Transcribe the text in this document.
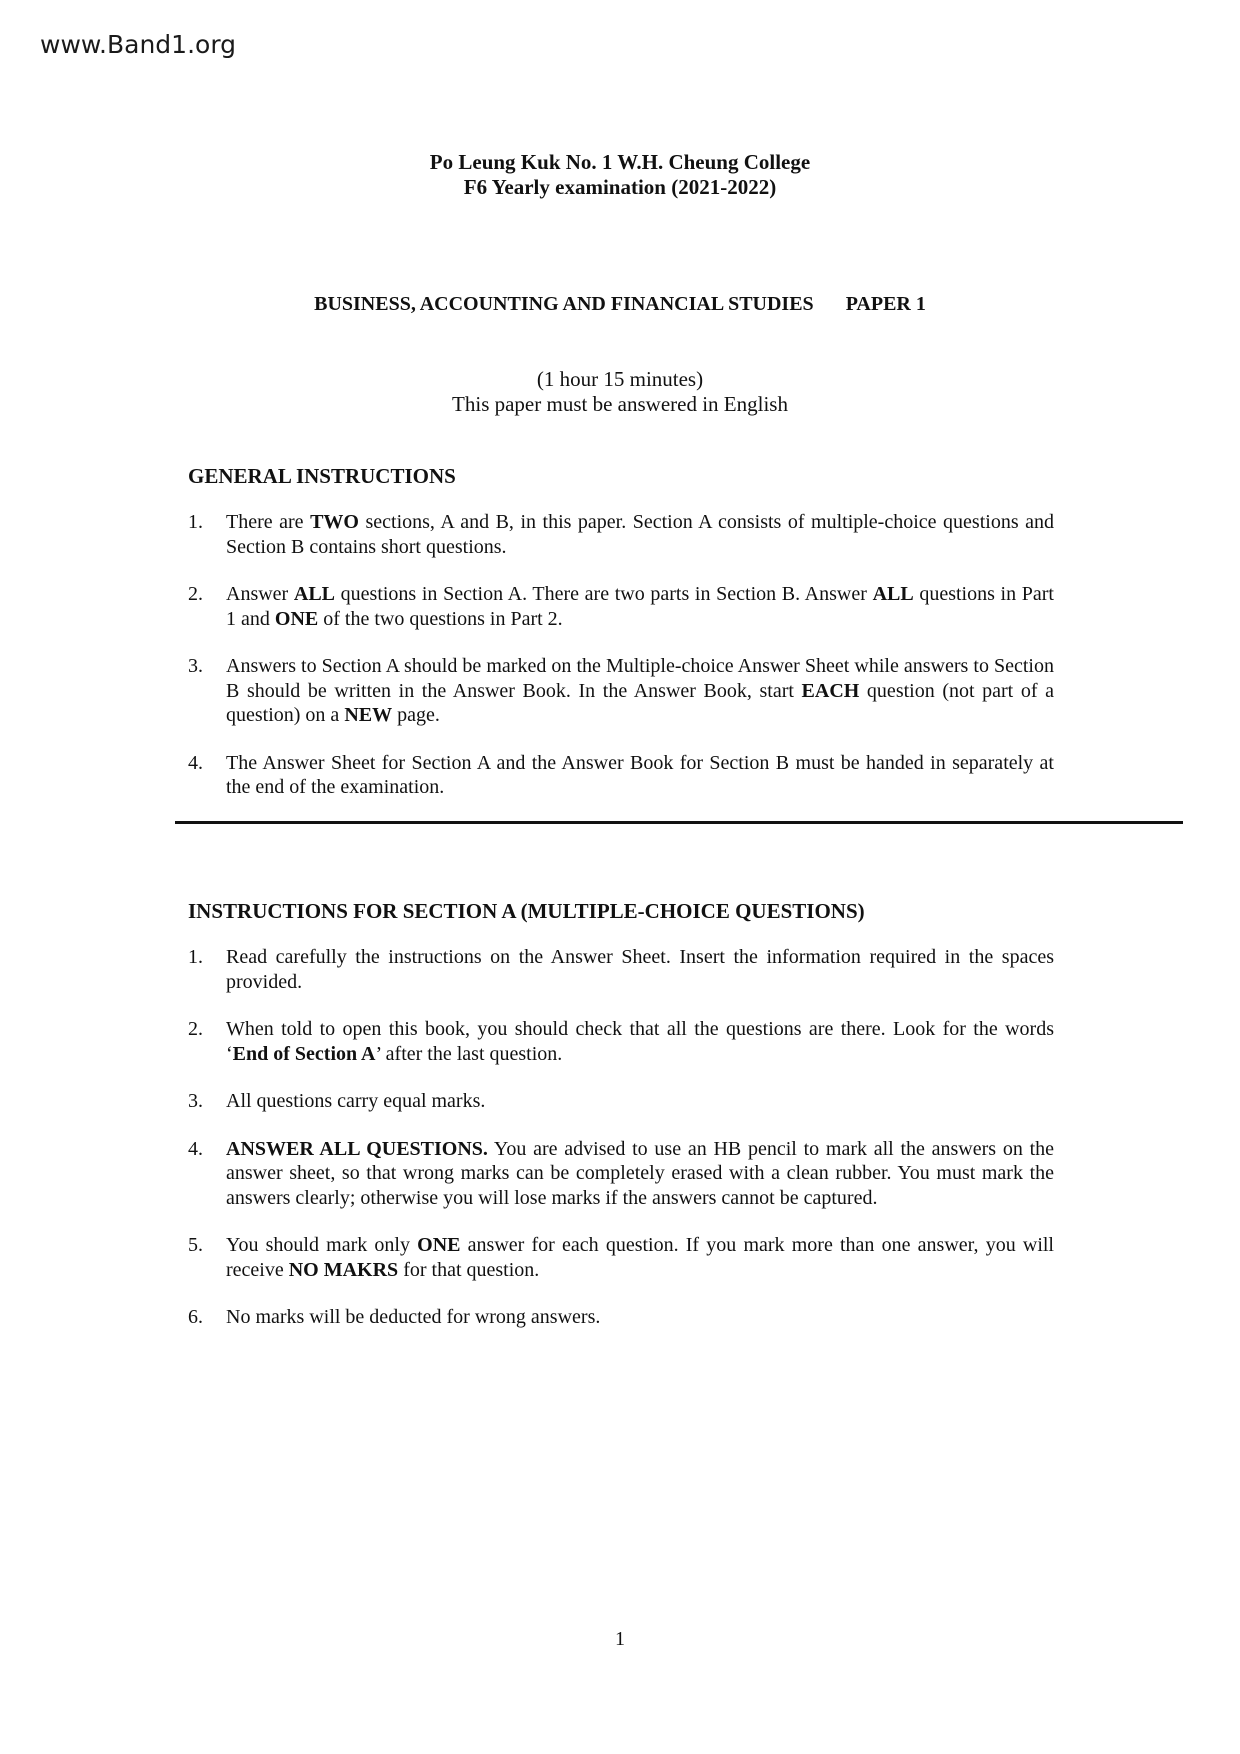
www.Band1.org
Po Leung Kuk No. 1 W.H. Cheung College
F6 Yearly examination (2021-2022)
BUSINESS, ACCOUNTING AND FINANCIAL STUDIES PAPER 1
(1 hour 15 minutes)
This paper must be answered in English
GENERAL INSTRUCTIONS
1. There are TWO sections, A and B, in this paper. Section A consists of multiple-choice questions and Section B contains short questions.
2. Answer ALL questions in Section A. There are two parts in Section B. Answer ALL questions in Part 1 and ONE of the two questions in Part 2.
3. Answers to Section A should be marked on the Multiple-choice Answer Sheet while answers to Section B should be written in the Answer Book. In the Answer Book, start EACH question (not part of a question) on a NEW page.
4. The Answer Sheet for Section A and the Answer Book for Section B must be handed in separately at the end of the examination.
INSTRUCTIONS FOR SECTION A (MULTIPLE-CHOICE QUESTIONS)
1. Read carefully the instructions on the Answer Sheet. Insert the information required in the spaces provided.
2. When told to open this book, you should check that all the questions are there. Look for the words ‘End of Section A’ after the last question.
3. All questions carry equal marks.
4. ANSWER ALL QUESTIONS. You are advised to use an HB pencil to mark all the answers on the answer sheet, so that wrong marks can be completely erased with a clean rubber. You must mark the answers clearly; otherwise you will lose marks if the answers cannot be captured.
5. You should mark only ONE answer for each question. If you mark more than one answer, you will receive NO MAKRS for that question.
6. No marks will be deducted for wrong answers.
1
